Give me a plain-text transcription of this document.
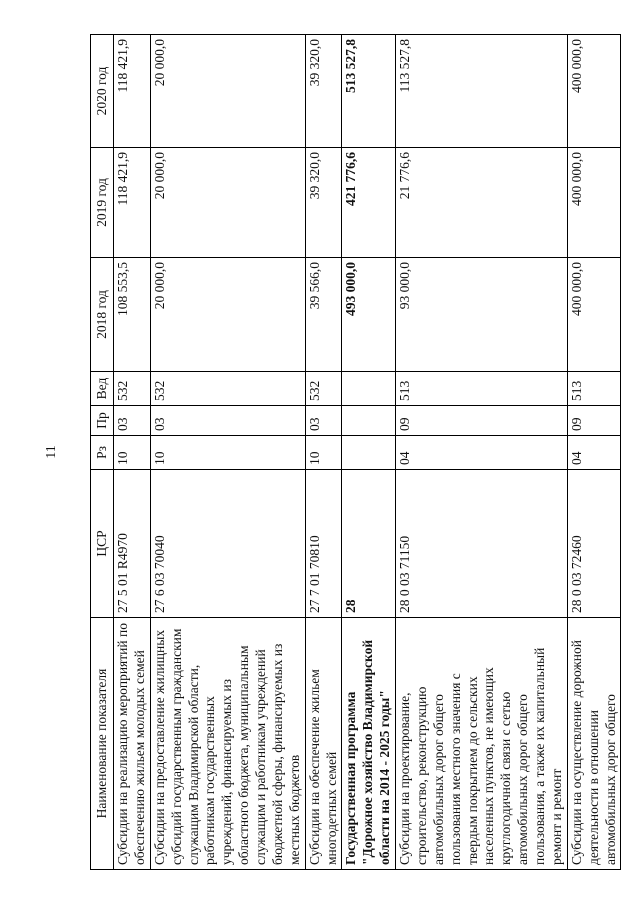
11
Наименование показателя	ЦСР	Рз	Пр	Вед	2018 год	2019 год	2020 год
Субсидии на реализацию мероприятий по обеспечению жильем молодых семей	27 5 01 R4970	10	03	532	108 553,5	118 421,9	118 421,9
Субсидии на предоставление жилищных субсидий государственным гражданским служащим Владимирской области, работникам государственных учреждений, финансируемых из областного бюджета, муниципальным служащим и работникам учреждений бюджетной сферы, финансируемых из местных бюджетов	27 6 03 70040	10	03	532	20 000,0	20 000,0	20 000,0
Субсидии на обеспечение жильем многодетных семей	27 7 01 70810	10	03	532	39 566,0	39 320,0	39 320,0
Государственная программа "Дорожное хозяйство Владимирской области на 2014 - 2025 годы"	28				493 000,0	421 776,6	513 527,8
Субсидии на проектирование, строительство, реконструкцию автомобильных дорог общего пользования местного значения с твердым покрытием до сельских населенных пунктов, не имеющих круглогодичной связи с сетью автомобильных дорог общего пользования, а также их капитальный ремонт и ремонт	28 0 03 71150	04	09	513	93 000,0	21 776,6	113 527,8
Субсидии на осуществление дорожной деятельности в отношении автомобильных дорог общего	28 0 03 72460	04	09	513	400 000,0	400 000,0	400 000,0
